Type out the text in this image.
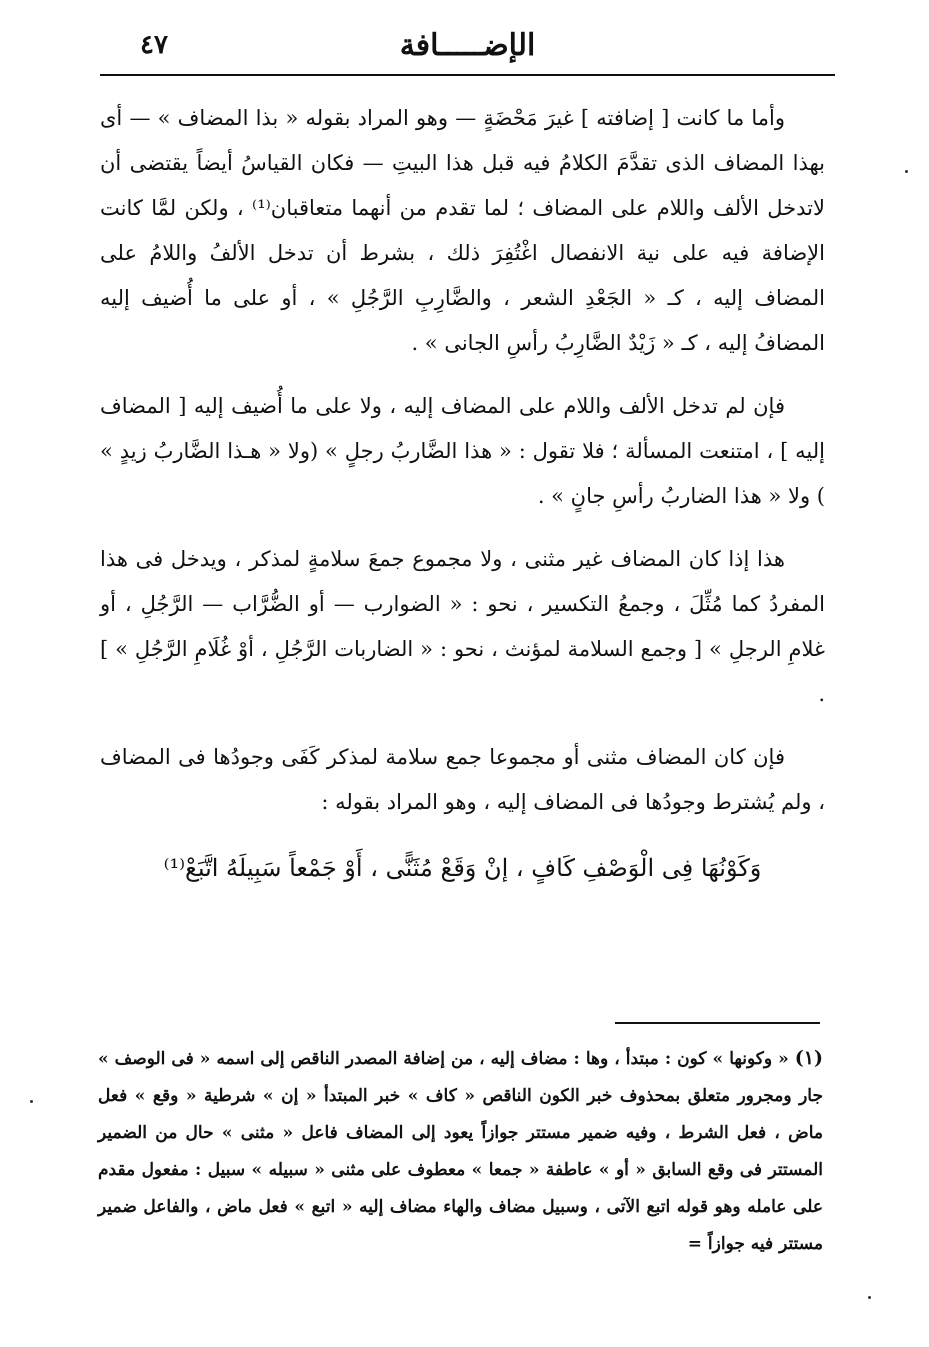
٤٧	الإضـــــافة

وأما ما كانت [ إضافته ] غيرَ مَحْضَةٍ — وهو المراد بقوله « بذا المضاف » — أى بهذا المضاف الذى تقدَّمَ الكلامُ فيه قبل هذا البيتِ — فكان القياسُ أيضاً يقتضى أن لاتدخل الألف واللام على المضاف ؛ لما تقدم من أنهما متعاقبان⁽¹⁾ ، ولكن لمَّا كانت الإضافة فيه على نية الانفصال اغْتُفِرَ ذلك ، بشرط أن تدخل الألفُ واللامُ على المضاف إليه ، كـ « الجَعْدِ الشعر ، والضَّارِبِ الرَّجُلِ » ، أو على ما أُضيف إليه المضافُ إليه ، كـ « زَيْدٌ الضَّارِبُ رأسِ الجانى » .

فإن لم تدخل الألف واللام على المضاف إليه ، ولا على ما أُضيف إليه [ المضاف إليه ] ، امتنعت المسألة ؛ فلا تقول : « هذا الضَّاربُ رجلٍ » (ولا « هـذا الضَّاربُ زيدٍ » ) ولا « هذا الضاربُ رأسِ جانٍ » .

هذا إذا كان المضاف غير مثنى ، ولا مجموع جمعَ سلامةٍ لمذكر ، ويدخل فى هذا المفردُ كما مُثِّلَ ، وجمعُ التكسير ، نحو : « الضوارب — أو الضُّرَّاب — الرَّجُلِ ، أو غلامِ الرجلِ » [ وجمع السلامة لمؤنث ، نحو : « الضاربات الرَّجُلِ ، أوْ غُلَامِ الرَّجُلِ » ] .

فإن كان المضاف مثنى أو مجموعا جمع سلامة لمذكر كَفَى وجودُها فى المضاف ، ولم يُشترط وجودُها فى المضاف إليه ، وهو المراد بقوله :

وَكَوْنُهَا فِى الْوَصْفِ كَافٍ ، إنْ وَقَعْ مُثَنًّى ، أَوْ جَمْعاً سَبِيلَهُ اتَّبَعْ⁽¹⁾

(١) « وكونها » كون : مبتدأ ، وها : مضاف إليه ، من إضافة المصدر الناقص إلى اسمه « فى الوصف » جار ومجرور متعلق بمحذوف خبر الكون الناقص « كاف » خبر المبتدأ « إن » شرطية « وقع » فعل ماض ، فعل الشرط ، وفيه ضمير مستتر جوازاً يعود إلى المضاف فاعل « مثنى » حال من الضمير المستتر فى وقع السابق « أو » عاطفة « جمعا » معطوف على مثنى « سبيله » سبيل : مفعول مقدم على عامله وهو قوله اتبع الآتى ، وسبيل مضاف والهاء مضاف إليه « اتبع » فعل ماض ، والفاعل ضمير مستتر فيه جوازاً =
